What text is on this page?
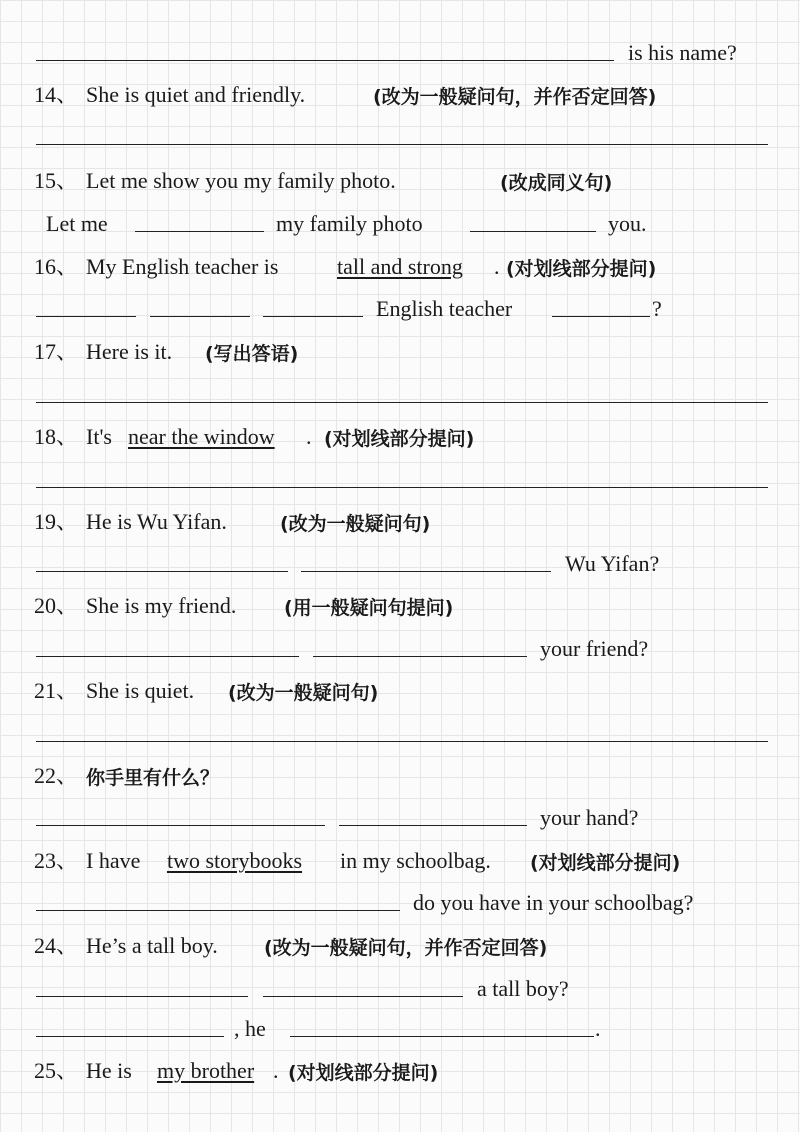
is his name?
14、 She is quiet and friendly.	(改为一般疑问句，并作否定回答)
15、 Let me show you my family photo.	(改成同义句)
Let me	my family photo	you.
16、 My English teacher is	tall and strong . (对划线部分提问)
English teacher	?
17、 Here is it. (写出答语)
18、 It's near the window . (对划线部分提问)
19、 He is Wu Yifan.	(改为一般疑问句)
Wu Yifan?
20、 She is my friend.	(用一般疑问句提问)
your friend?
21、 She is quiet. (改为一般疑问句)
22、 你手里有什么？
your hand?
23、 I have two storybooks in my schoolbag. (对划线部分提问)
do you have in your schoolbag?
24、 He’s a tall boy. (改为一般疑问句，并作否定回答)
a tall boy?
, he	.
25、 He is my brother . (对划线部分提问)
